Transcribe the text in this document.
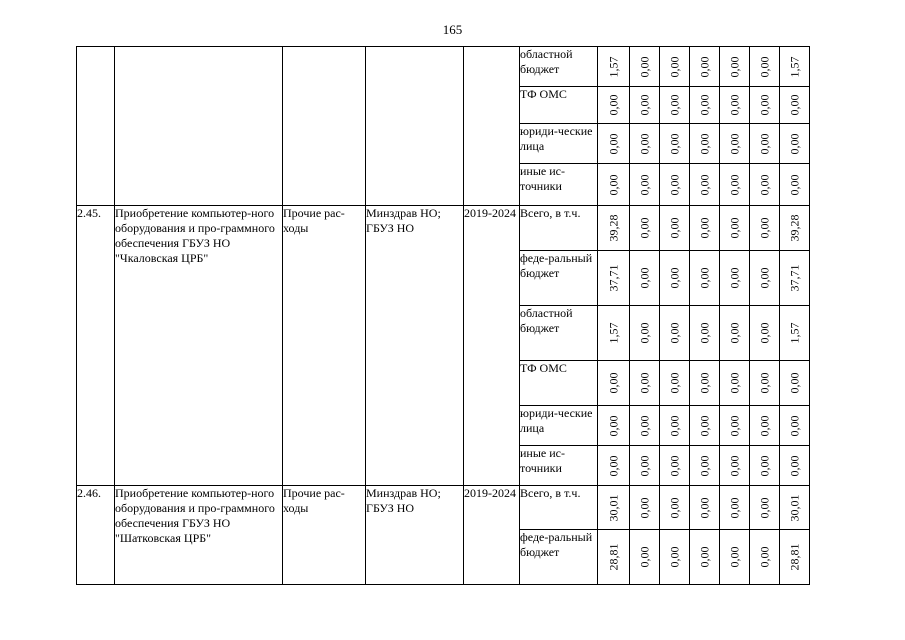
165
					областной бюджет	1,57	0,00	0,00	0,00	0,00	0,00	1,57

					ТФ ОМС	0,00	0,00	0,00	0,00	0,00	0,00	0,00

					юриди-ческие лица	0,00	0,00	0,00	0,00	0,00	0,00	0,00

					иные ис-точники	0,00	0,00	0,00	0,00	0,00	0,00	0,00

2.45.	Приобретение компьютер-ного оборудования и про-граммного обеспечения ГБУЗ НО "Чкаловская ЦРБ"	Прочие рас-ходы	Минздрав НО; ГБУЗ НО	2019-2024	Всего, в т.ч.	39,28	0,00	0,00	0,00	0,00	0,00	39,28

					феде-ральный бюджет	37,71	0,00	0,00	0,00	0,00	0,00	37,71

					областной бюджет	1,57	0,00	0,00	0,00	0,00	0,00	1,57

					ТФ ОМС	0,00	0,00	0,00	0,00	0,00	0,00	0,00

					юриди-ческие лица	0,00	0,00	0,00	0,00	0,00	0,00	0,00

					иные ис-точники	0,00	0,00	0,00	0,00	0,00	0,00	0,00

2.46.	Приобретение компьютер-ного оборудования и про-граммного обеспечения ГБУЗ НО "Шатковская ЦРБ"	Прочие рас-ходы	Минздрав НО; ГБУЗ НО	2019-2024	Всего, в т.ч.	30,01	0,00	0,00	0,00	0,00	0,00	30,01

					феде-ральный бюджет	28,81	0,00	0,00	0,00	0,00	0,00	28,81
